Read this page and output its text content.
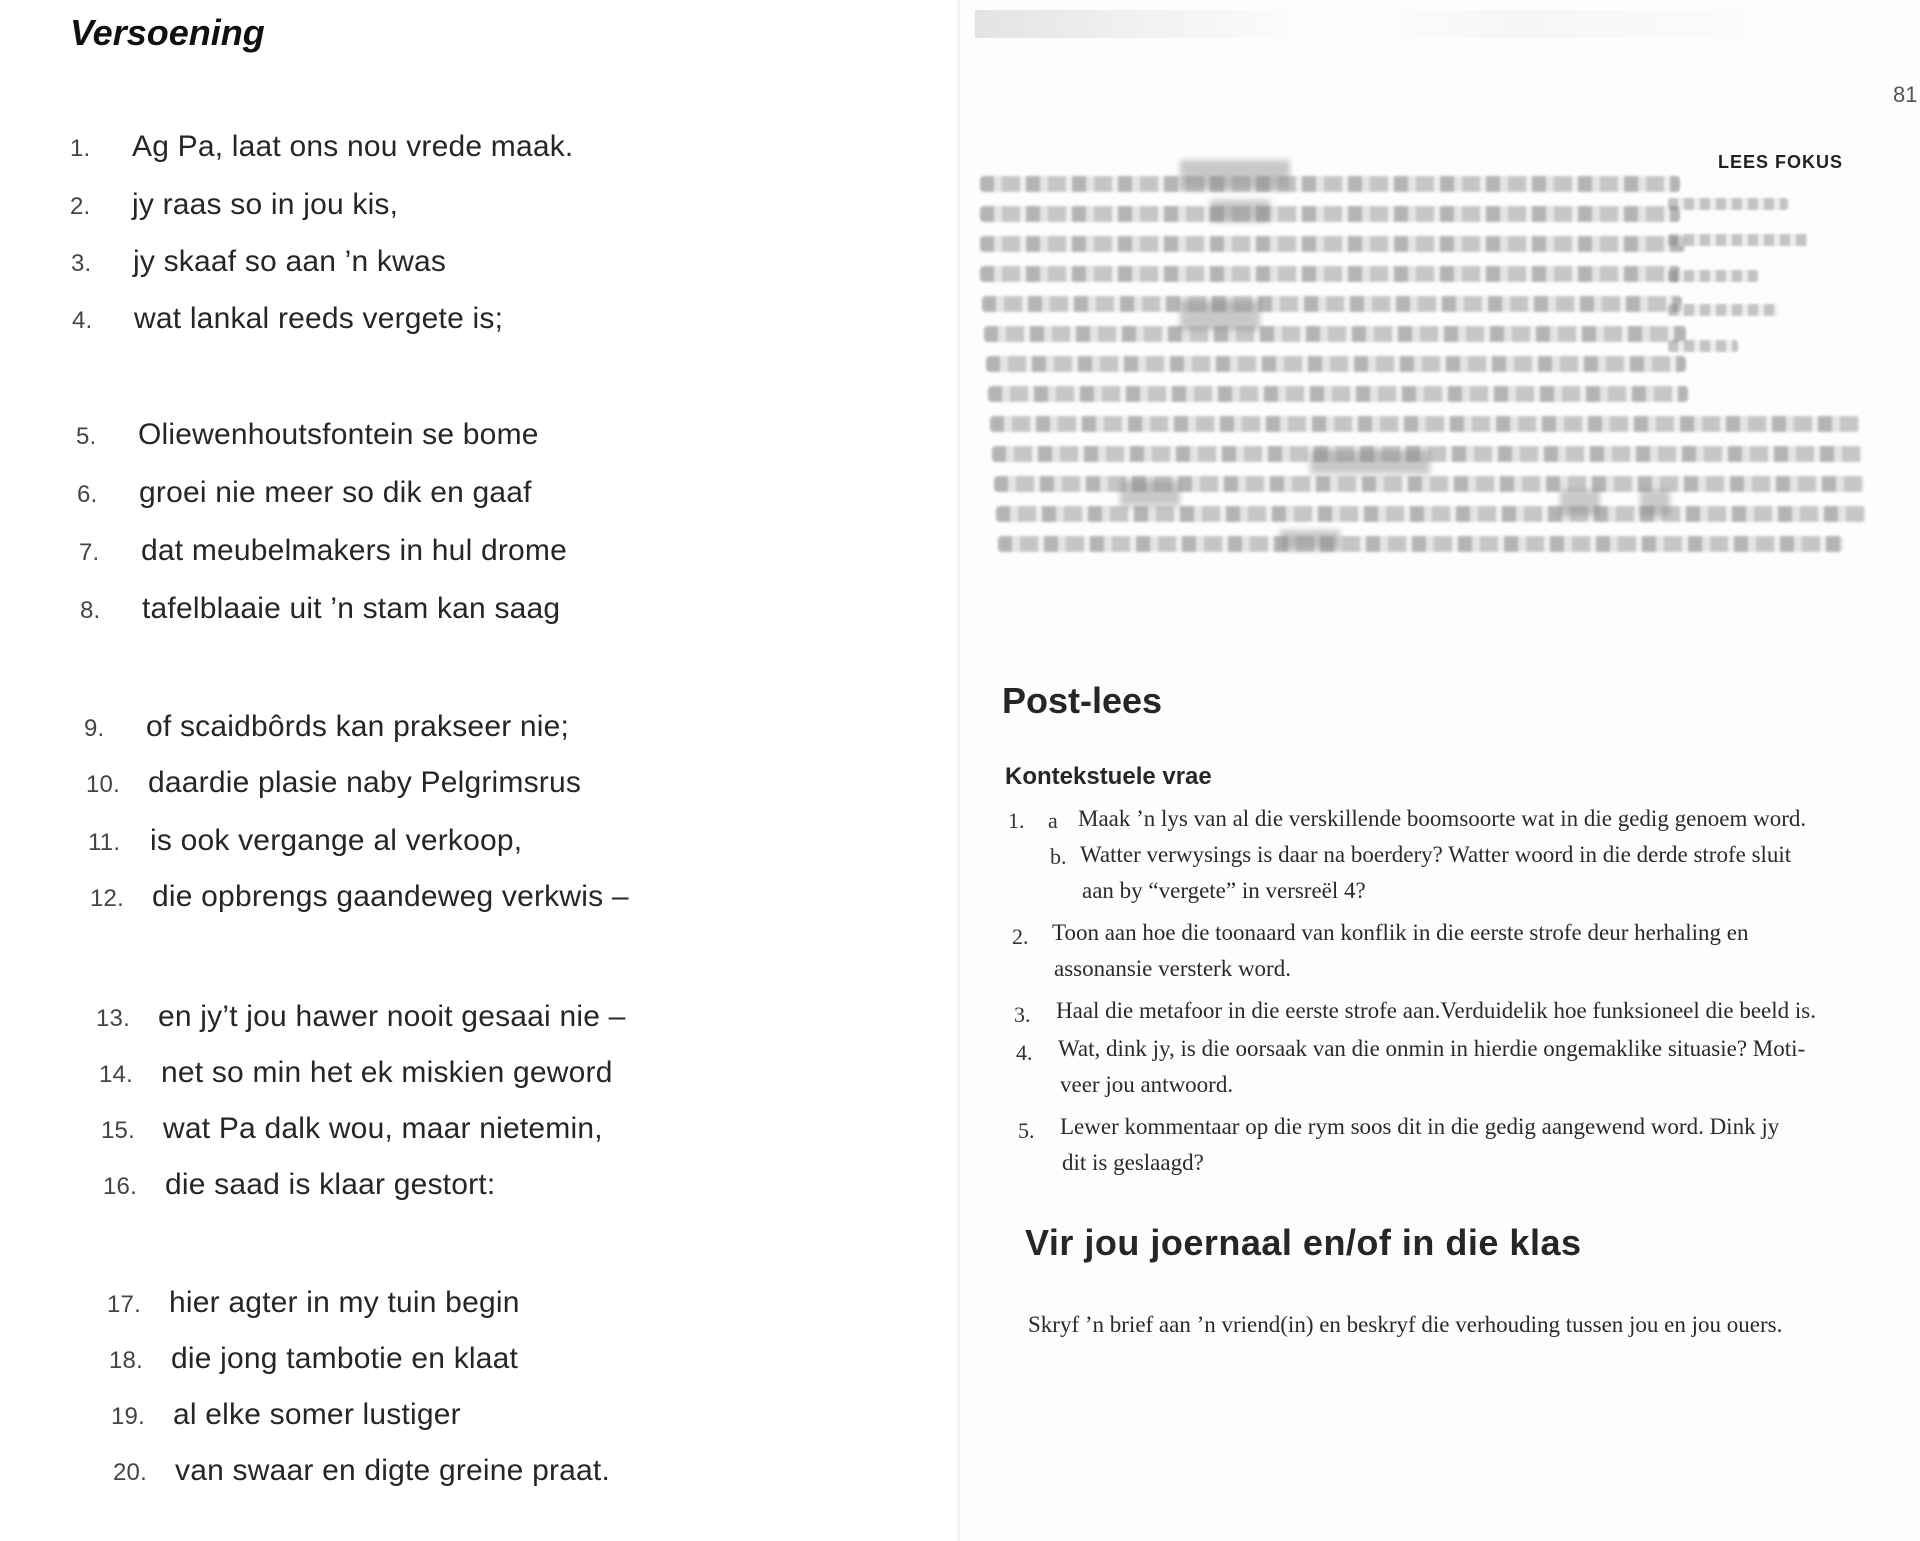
Versoening
1. Ag Pa, laat ons nou vrede maak.
2. jy raas so in jou kis,
3. jy skaaf so aan ’n kwas
4. wat lankal reeds vergete is;
5. Oliewenhoutsfontein se bome
6. groei nie meer so dik en gaaf
7. dat meubelmakers in hul drome
8. tafelblaaie uit ’n stam kan saag
9. of scaidbôrds kan prakseer nie;
10. daardie plasie naby Pelgrimsrus
11. is ook vergange al verkoop,
12. die opbrengs gaandeweg verkwis –
13. en jy’t jou hawer nooit gesaai nie –
14. net so min het ek miskien geword
15. wat Pa dalk wou, maar nietemin,
16. die saad is klaar gestort:
17. hier agter in my tuin begin
18. die jong tambotie en klaat
19. al elke somer lustiger
20. van swaar en digte greine praat.
81
LEES FOKUS
Post-lees
Kontekstuele vrae
1. a Maak ’n lys van al die verskillende boomsoorte wat in die gedig genoem word.
b. Watter verwysings is daar na boerdery? Watter woord in die derde strofe sluit
aan by “vergete” in versreël 4?
2. Toon aan hoe die toonaard van konflik in die eerste strofe deur herhaling en
assonansie versterk word.
3. Haal die metafoor in die eerste strofe aan.Verduidelik hoe funksioneel die beeld is.
4. Wat, dink jy, is die oorsaak van die onmin in hierdie ongemaklike situasie? Moti-
veer jou antwoord.
5. Lewer kommentaar op die rym soos dit in die gedig aangewend word. Dink jy
dit is geslaagd?
Vir jou joernaal en/of in die klas
Skryf ’n brief aan ’n vriend(in) en beskryf die verhouding tussen jou en jou ouers.
